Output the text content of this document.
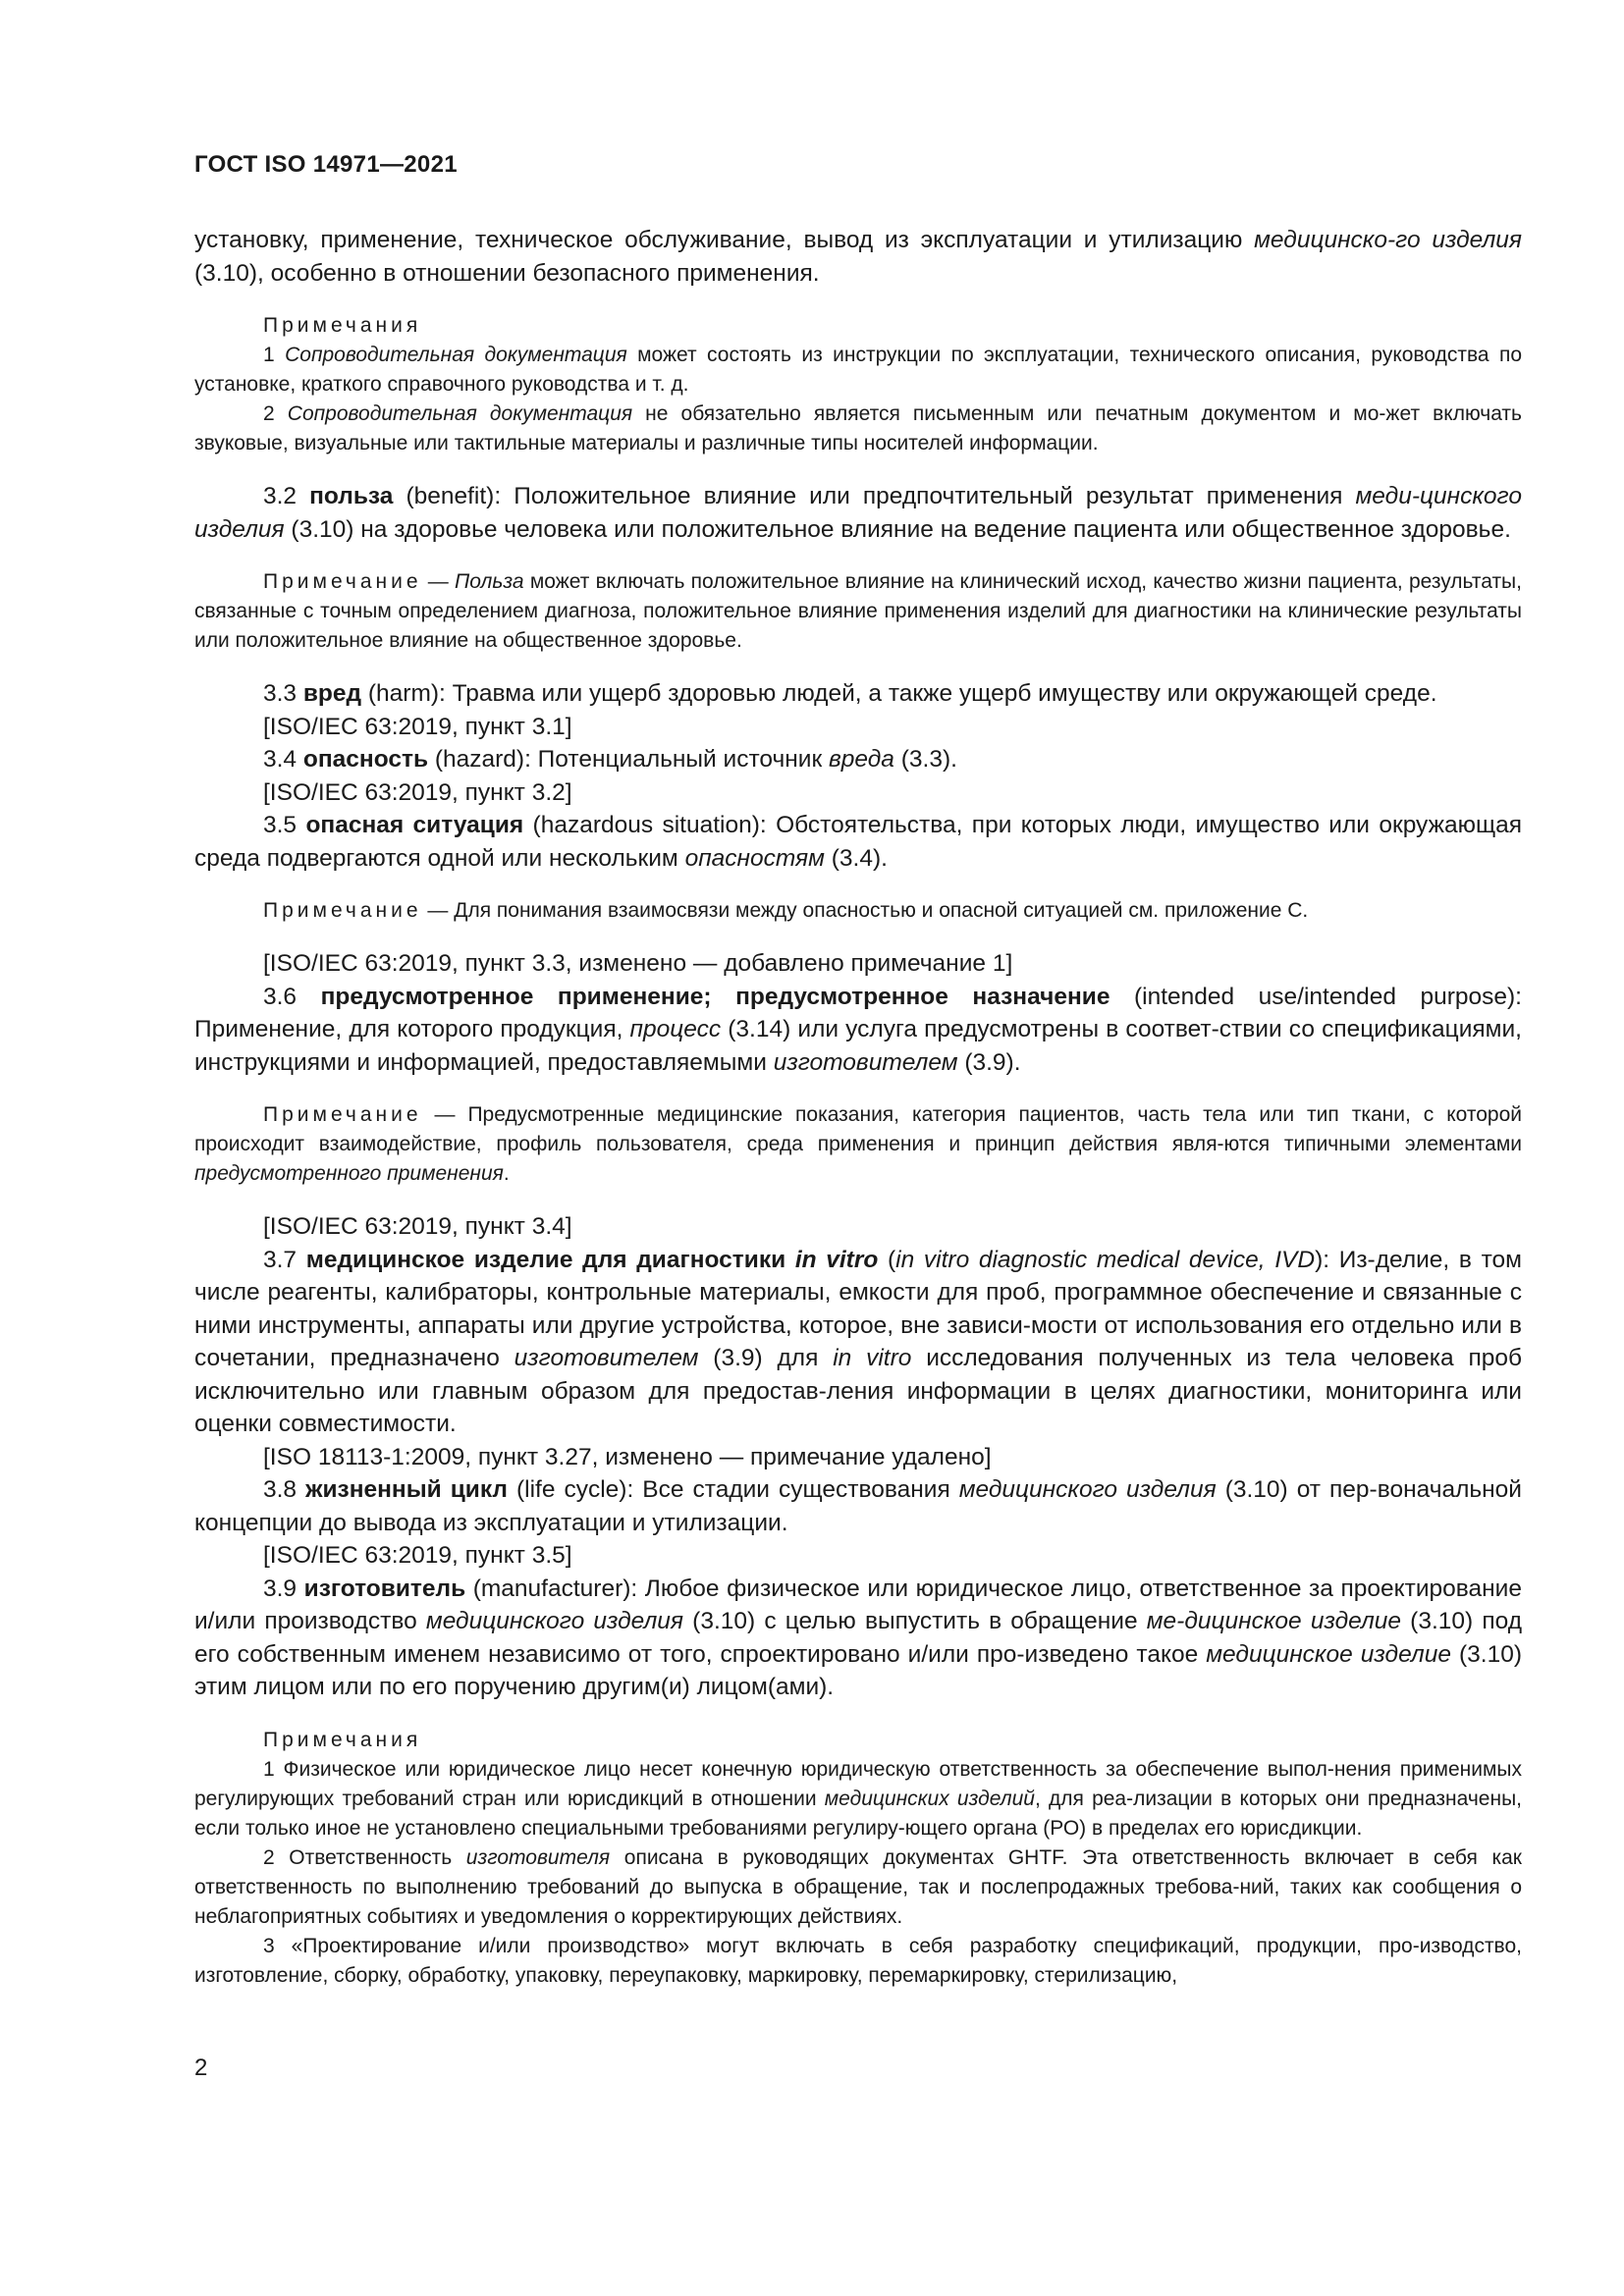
ГОСТ ISO 14971—2021

установку, применение, техническое обслуживание, вывод из эксплуатации и утилизацию медицинско-го изделия (3.10), особенно в отношении безопасного применения.

Примечания

1 Сопроводительная документация может состоять из инструкции по эксплуатации, технического описания, руководства по установке, краткого справочного руководства и т. д.

2 Сопроводительная документация не обязательно является письменным или печатным документом и мо-жет включать звуковые, визуальные или тактильные материалы и различные типы носителей информации.

3.2 польза (benefit): Положительное влияние или предпочтительный результат применения меди-цинского изделия (3.10) на здоровье человека или положительное влияние на ведение пациента или общественное здоровье.

Примечание — Польза может включать положительное влияние на клинический исход, качество жизни пациента, результаты, связанные с точным определением диагноза, положительное влияние применения изделий для диагностики на клинические результаты или положительное влияние на общественное здоровье.

3.3 вред (harm): Травма или ущерб здоровью людей, а также ущерб имуществу или окружающей среде.

[ISO/IEC 63:2019, пункт 3.1]

3.4 опасность (hazard): Потенциальный источник вреда (3.3).

[ISO/IEC 63:2019, пункт 3.2]

3.5 опасная ситуация (hazardous situation): Обстоятельства, при которых люди, имущество или окружающая среда подвергаются одной или нескольким опасностям (3.4).

Примечание — Для понимания взаимосвязи между опасностью и опасной ситуацией см. приложение С.

[ISO/IEC 63:2019, пункт 3.3, изменено — добавлено примечание 1]

3.6 предусмотренное применение; предусмотренное назначение (intended use/intended purpose): Применение, для которого продукция, процесс (3.14) или услуга предусмотрены в соответ-ствии со спецификациями, инструкциями и информацией, предоставляемыми изготовителем (3.9).

Примечание — Предусмотренные медицинские показания, категория пациентов, часть тела или тип ткани, с которой происходит взаимодействие, профиль пользователя, среда применения и принцип действия явля-ются типичными элементами предусмотренного применения.

[ISO/IEC 63:2019, пункт 3.4]

3.7 медицинское изделие для диагностики in vitro (in vitro diagnostic medical device, IVD): Из-делие, в том числе реагенты, калибраторы, контрольные материалы, емкости для проб, программное обеспечение и связанные с ними инструменты, аппараты или другие устройства, которое, вне зависи-мости от использования его отдельно или в сочетании, предназначено изготовителем (3.9) для in vitro исследования полученных из тела человека проб исключительно или главным образом для предостав-ления информации в целях диагностики, мониторинга или оценки совместимости.

[ISO 18113-1:2009, пункт 3.27, изменено — примечание удалено]

3.8 жизненный цикл (life cycle): Все стадии существования медицинского изделия (3.10) от пер-воначальной концепции до вывода из эксплуатации и утилизации.

[ISO/IEC 63:2019, пункт 3.5]

3.9 изготовитель (manufacturer): Любое физическое или юридическое лицо, ответственное за проектирование и/или производство медицинского изделия (3.10) с целью выпустить в обращение ме-дицинское изделие (3.10) под его собственным именем независимо от того, спроектировано и/или про-изведено такое медицинское изделие (3.10) этим лицом или по его поручению другим(и) лицом(ами).

Примечания

1 Физическое или юридическое лицо несет конечную юридическую ответственность за обеспечение выпол-нения применимых регулирующих требований стран или юрисдикций в отношении медицинских изделий, для реа-лизации в которых они предназначены, если только иное не установлено специальными требованиями регулиру-ющего органа (РО) в пределах его юрисдикции.

2 Ответственность изготовителя описана в руководящих документах GHTF. Эта ответственность включает в себя как ответственность по выполнению требований до выпуска в обращение, так и послепродажных требова-ний, таких как сообщения о неблагоприятных событиях и уведомления о корректирующих действиях.

3 «Проектирование и/или производство» могут включать в себя разработку спецификаций, продукции, про-изводство, изготовление, сборку, обработку, упаковку, переупаковку, маркировку, перемаркировку, стерилизацию,

2
